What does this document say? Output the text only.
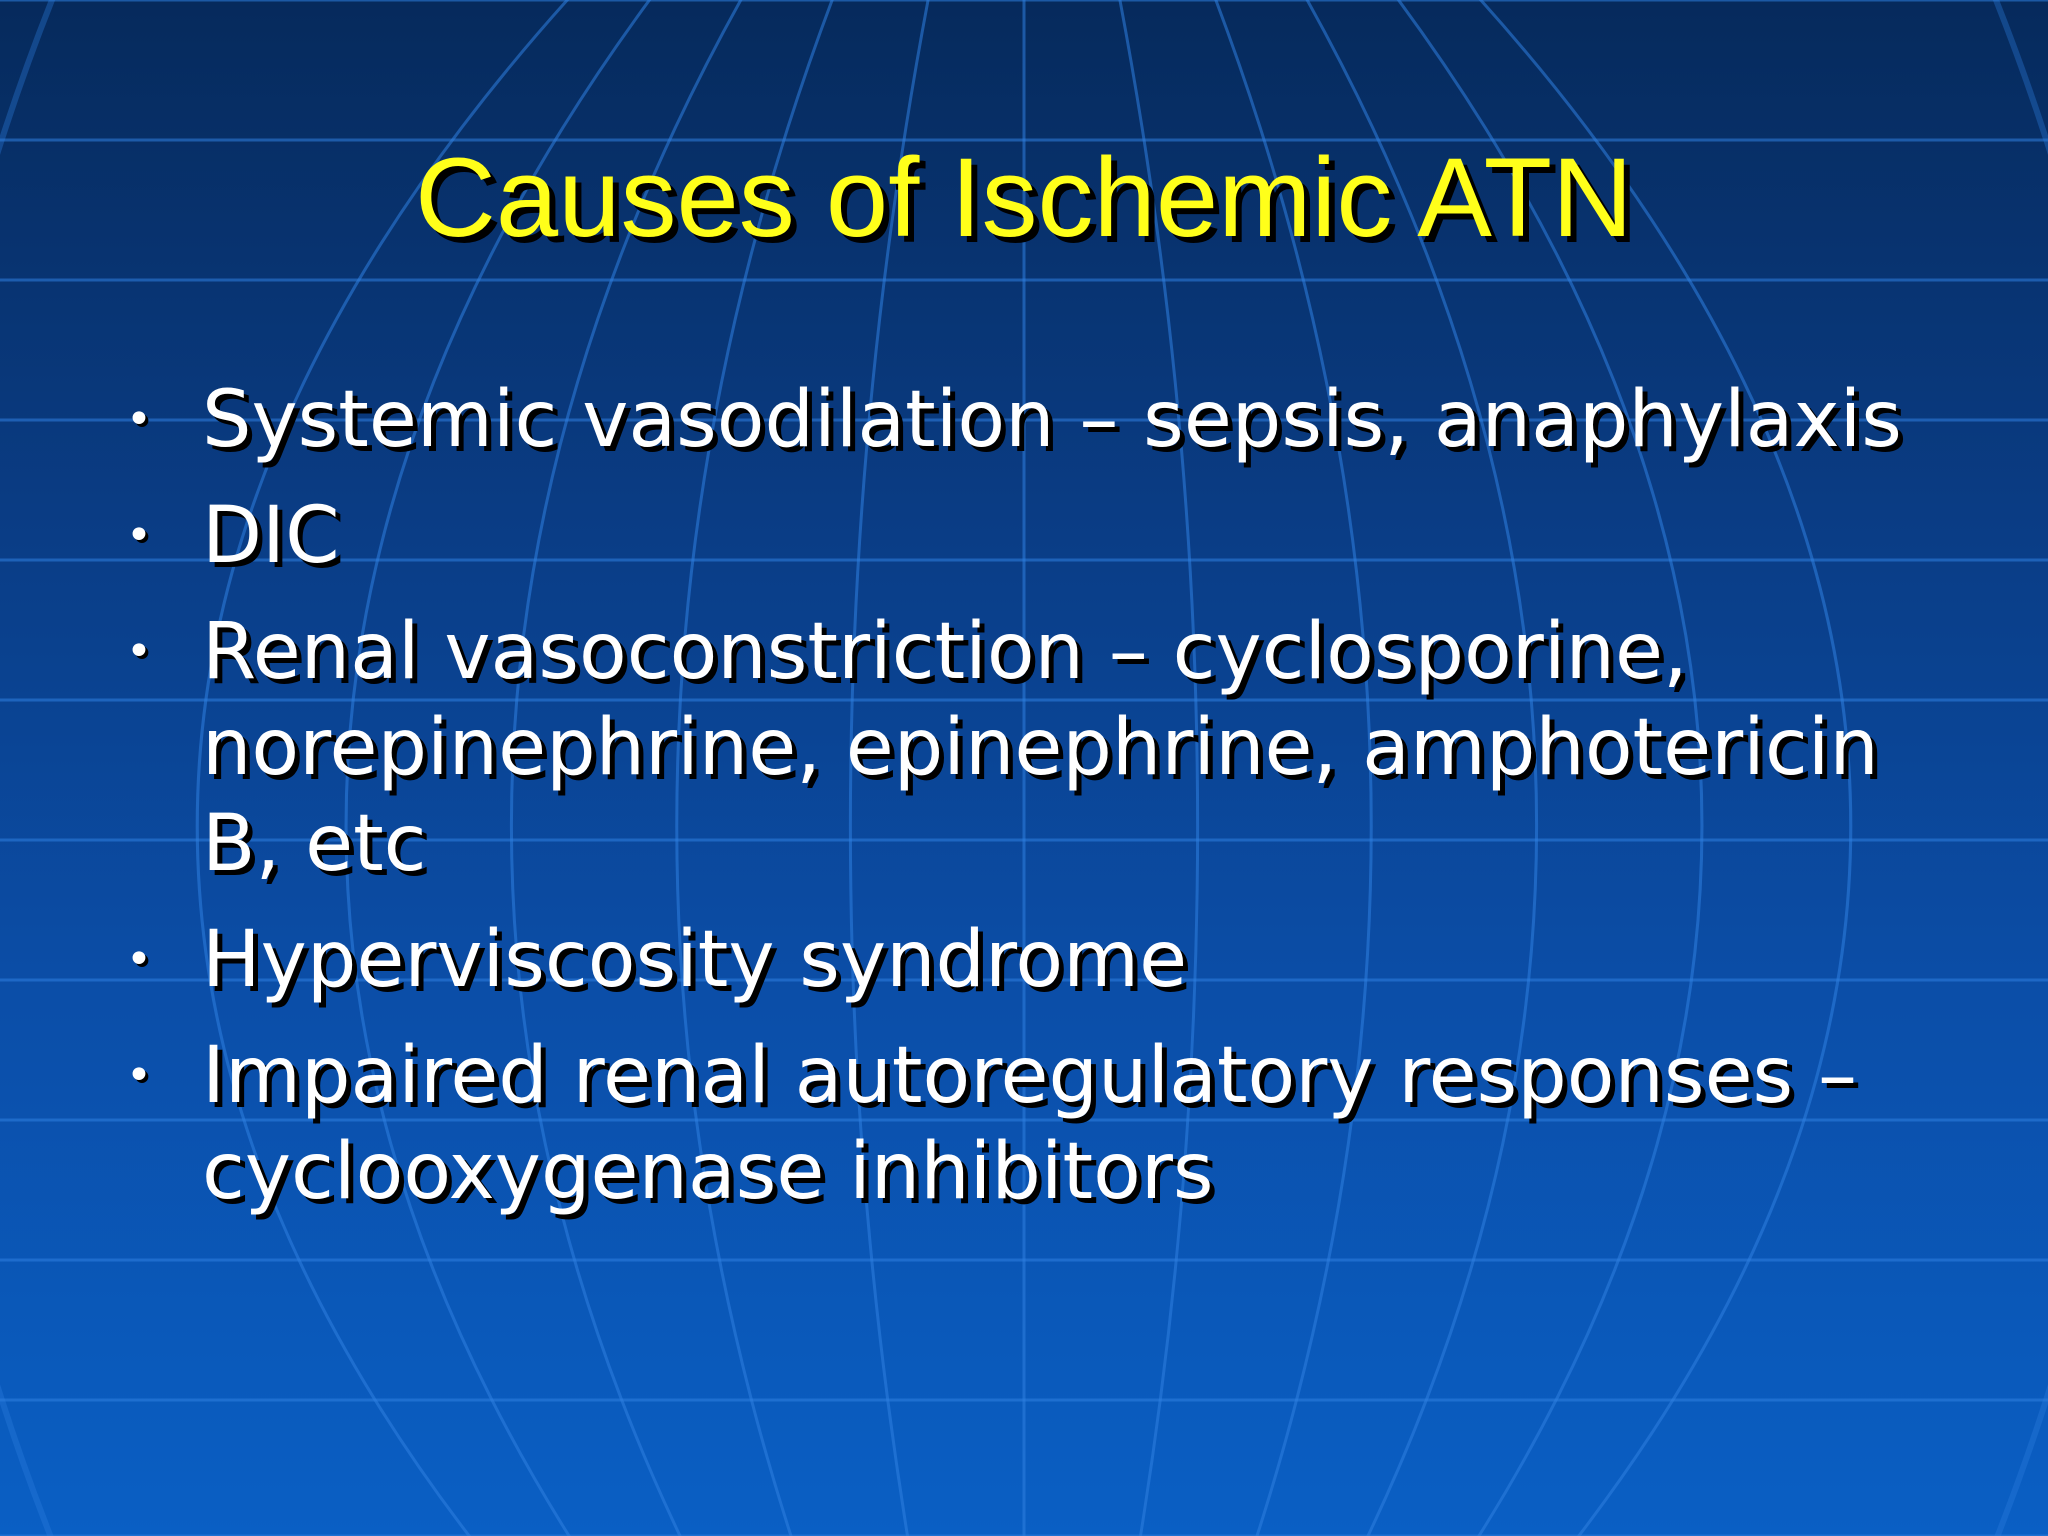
Causes of Ischemic ATN
• Systemic vasodilation – sepsis, anaphylaxis
• DIC
• Renal vasoconstriction – cyclosporine, norepinephrine, epinephrine, amphotericin B, etc
• Hyperviscosity syndrome
• Impaired renal autoregulatory responses – cyclooxygenase inhibitors
